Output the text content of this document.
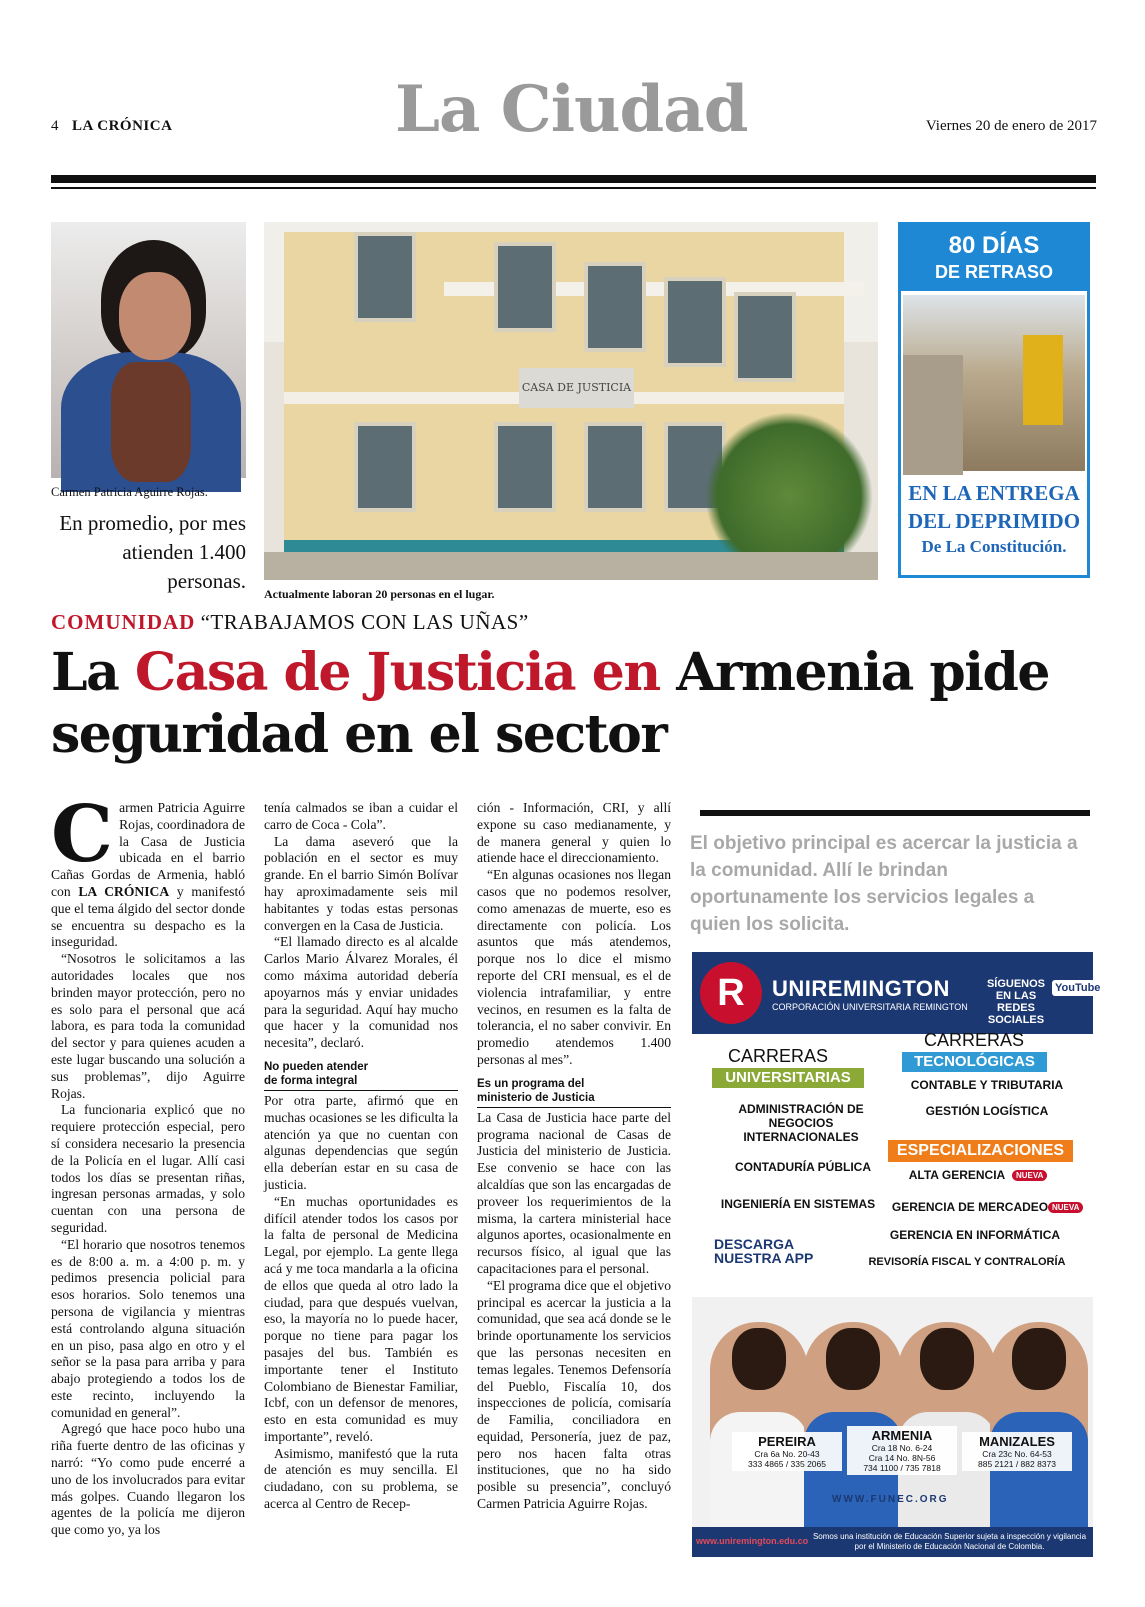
4 LA CRÓNICA	La Ciudad	Viernes 20 de enero de 2017
Carmen Patricia Aguirre Rojas.
En promedio, por mes atienden 1.400 personas.
CASA DE JUSTICIA
Actualmente laboran 20 personas en el lugar.
80 DÍAS
DE RETRASO
EN LA ENTREGA
DEL DEPRIMIDO
De La Constitución.
COMUNIDAD “TRABAJAMOS CON LAS UÑAS”
La Casa de Justicia en Armenia pide seguridad en el sector

Carmen Patricia Aguirre Rojas, coordinadora de la Casa de Justicia ubicada en el barrio Cañas Gordas de Armenia, habló con LA CRÓNICA y manifestó que el tema álgido del sector donde se encuentra su despacho es la inseguridad.

“Nosotros le solicitamos a las autoridades locales que nos brinden mayor protección, pero no es solo para el personal que acá labora, es para toda la comunidad del sector y para quienes acuden a este lugar buscando una solución a sus problemas”, dijo Aguirre Rojas.

La funcionaria explicó que no requiere protección especial, pero sí considera necesario la presencia de la Policía en el lugar. Allí casi todos los días se presentan riñas, ingresan personas armadas, y solo cuentan con una persona de seguridad.

“El horario que nosotros tenemos es de 8:00 a. m. a 4:00 p. m. y pedimos presencia policial para esos horarios. Solo tenemos una persona de vigilancia y mientras está controlando alguna situación en un piso, pasa algo en otro y el señor se la pasa para arriba y para abajo protegiendo a todos los de este recinto, incluyendo la comunidad en general”.

Agregó que hace poco hubo una riña fuerte dentro de las oficinas y narró: “Yo como pude encerré a uno de los involucrados para evitar más golpes. Cuando llegaron los agentes de la policía me dijeron que como yo, ya los

tenía calmados se iban a cuidar el carro de Coca - Cola”.

La dama aseveró que la población en el sector es muy grande. En el barrio Simón Bolívar hay aproximadamente seis mil habitantes y todas estas personas convergen en la Casa de Justicia.

“El llamado directo es al alcalde Carlos Mario Álvarez Morales, él como máxima autoridad debería apoyarnos más y enviar unidades para la seguridad. Aquí hay mucho que hacer y la comunidad nos necesita”, declaró.

No pueden atender
de forma integral

Por otra parte, afirmó que en muchas ocasiones se les dificulta la atención ya que no cuentan con algunas dependencias que según ella deberían estar en su casa de justicia.

“En muchas oportunidades es difícil atender todos los casos por la falta de personal de Medicina Legal, por ejemplo. La gente llega acá y me toca mandarla a la oficina de ellos que queda al otro lado la ciudad, para que después vuelvan, eso, la mayoría no lo puede hacer, porque no tiene para pagar los pasajes del bus. También es importante tener el Instituto Colombiano de Bienestar Familiar, Icbf, con un defensor de menores, esto en esta comunidad es muy importante”, reveló.

Asimismo, manifestó que la ruta de atención es muy sencilla. El ciudadano, con su problema, se acerca al Centro de Recep-

ción - Información, CRI, y allí expone su caso medianamente, y de manera general y quien lo atiende hace el direccionamiento.

“En algunas ocasiones nos llegan casos que no podemos resolver, como amenazas de muerte, eso es directamente con policía. Los asuntos que más atendemos, porque nos lo dice el mismo reporte del CRI mensual, es el de violencia intrafamiliar, y entre vecinos, en resumen es la falta de tolerancia, el no saber convivir. En promedio atendemos 1.400 personas al mes”.

Es un programa del
ministerio de Justicia

La Casa de Justicia hace parte del programa nacional de Casas de Justicia del ministerio de Justicia. Ese convenio se hace con las alcaldías que son las encargadas de proveer los requerimientos de la misma, la cartera ministerial hace algunos aportes, ocasionalmente en recursos físico, al igual que las capacitaciones para el personal.

“El programa dice que el objetivo principal es acercar la justicia a la comunidad, que sea acá donde se le brinde oportunamente los servicios que las personas necesiten en temas legales. Tenemos Defensoría del Pueblo, Fiscalía 10, dos inspecciones de policía, comisaría de Familia, conciliadora en equidad, Personería, juez de paz, pero nos hacen falta otras instituciones, que no ha sido posible su presencia”, concluyó Carmen Patricia Aguirre Rojas.

El objetivo principal es acercar la justicia a la comunidad. Allí le brindan oportunamente los servicios legales a quien los solicita.
R	UNIREMINGTON
CORPORACIÓN UNIVERSITARIA REMINGTON
SÍGUENOS EN LAS REDES SOCIALES
YouTube
CARRERAS
UNIVERSITARIAS
CARRERAS
TECNOLÓGICAS
ESPECIALIZACIONES
ADMINISTRACIÓN DE NEGOCIOS INTERNACIONALES
CONTADURÍA PÚBLICA
INGENIERÍA EN SISTEMAS
CONTABLE Y TRIBUTARIA
GESTIÓN LOGÍSTICA
ALTA GERENCIA
GERENCIA DE MERCADEO
GERENCIA EN INFORMÁTICA
REVISORÍA FISCAL Y CONTRALORÍA
NUEVA
NUEVA
DESCARGA NUESTRA APP
PEREIRA
Cra 6a No. 20-43
333 4865 / 335 2065
ARMENIA
Cra 18 No. 6-24
Cra 14 No. 8N-56
734 1100 / 735 7818
MANIZALES
Cra 23c No. 64-53
885 2121 / 882 8373
WWW.FUNEC.ORG
www.uniremington.edu.co Somos una institución de Educación Superior sujeta a inspección y vigilancia por el Ministerio de Educación Nacional de Colombia.
